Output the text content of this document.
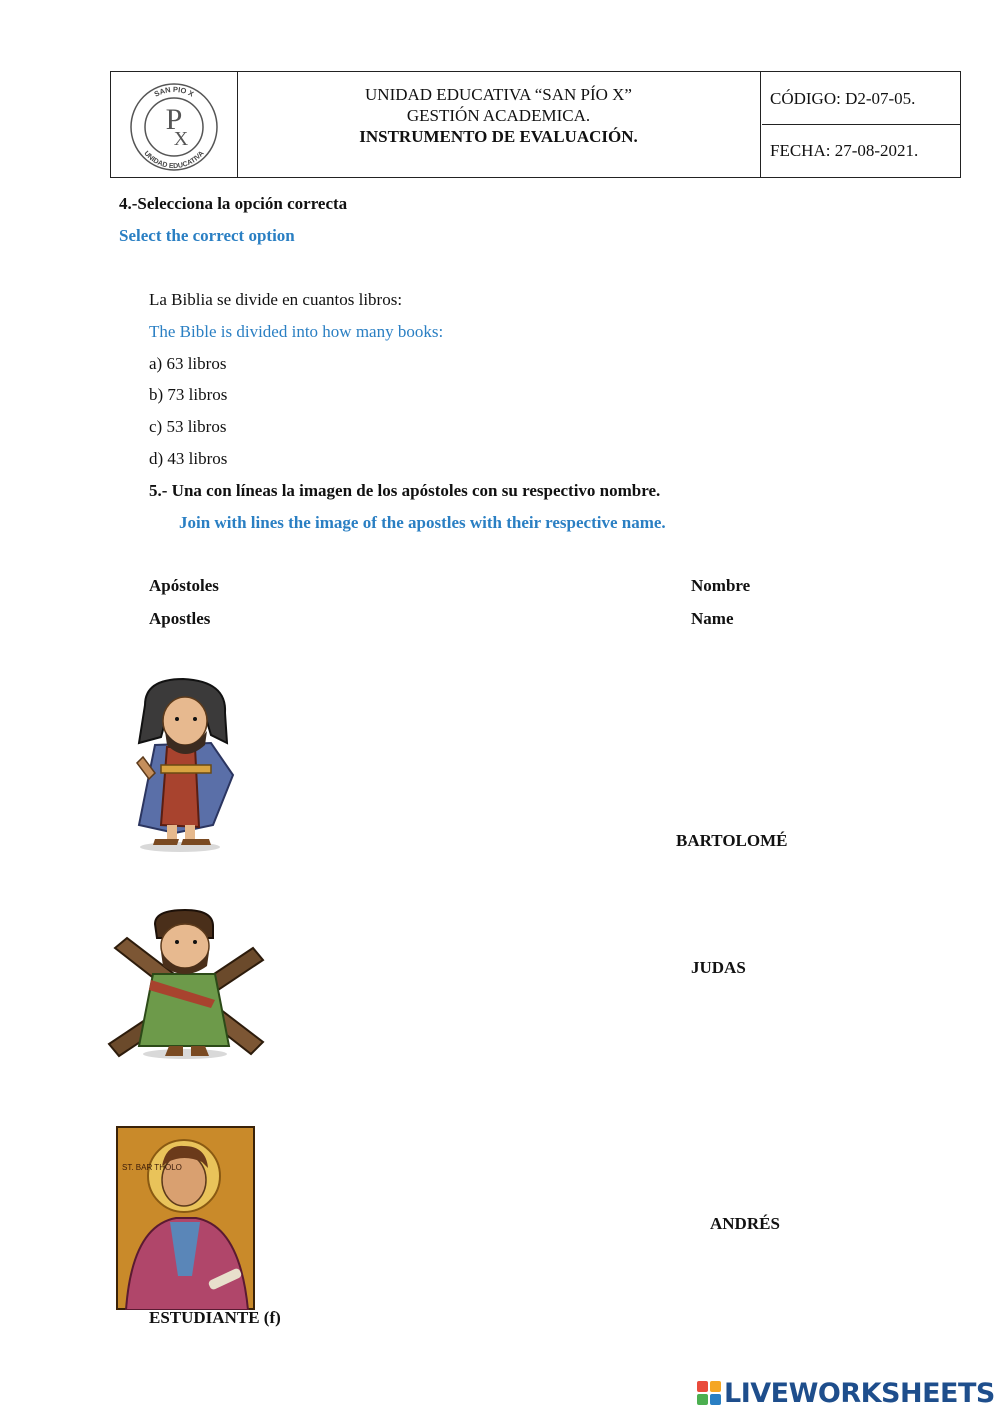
SAN PIO X
UNIDAD EDUCATIVA
P
X
UNIDAD EDUCATIVA “SAN PÍO X”
GESTIÓN ACADEMICA.
INSTRUMENTO DE EVALUACIÓN.
CÓDIGO: D2-07-05.
FECHA: 27-08-2021.
4.-Selecciona la opción correcta
Select the correct option
La Biblia se divide en cuantos libros:
The Bible is divided into how many books:
a) 63 libros
b) 73 libros
c) 53 libros
d) 43 libros
5.- Una con líneas la imagen de los apóstoles con su respectivo nombre.
Join with lines the image of the apostles with their respective name.
Apóstoles
Apostles
Nombre
Name
ST. BAR THOLO
BARTOLOMÉ
JUDAS
ANDRÉS
ESTUDIANTE (f)
LIVEWORKSHEETS
